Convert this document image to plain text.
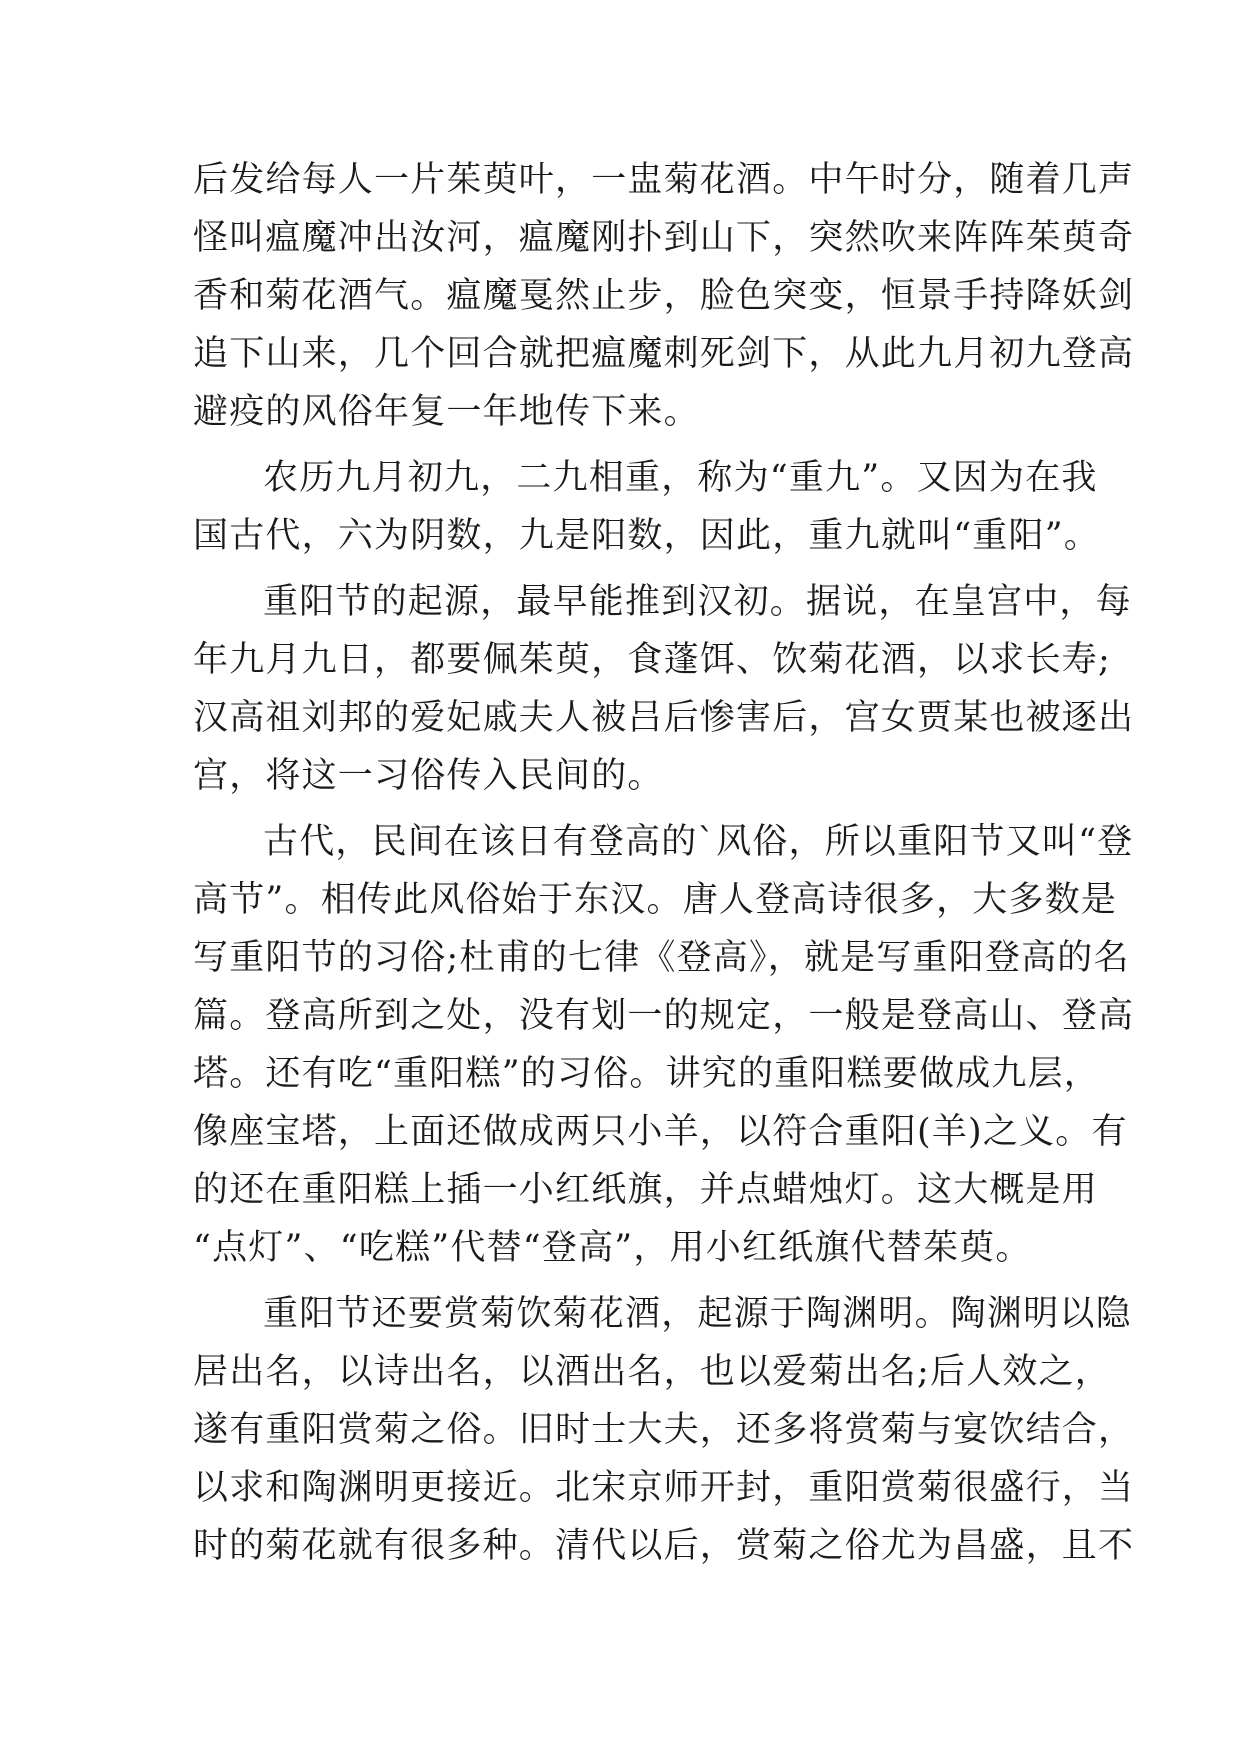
后发给每人一片茱萸叶，一盅菊花酒。中午时分，随着几声
怪叫瘟魔冲出汝河，瘟魔刚扑到山下，突然吹来阵阵茱萸奇
香和菊花酒气。瘟魔戛然止步，脸色突变，恒景手持降妖剑
追下山来，几个回合就把瘟魔刺死剑下，从此九月初九登高
避疫的风俗年复一年地传下来。
农历九月初九，二九相重，称为“重九”。又因为在我
国古代，六为阴数，九是阳数，因此，重九就叫“重阳”。
重阳节的起源，最早能推到汉初。据说，在皇宫中，每
年九月九日，都要佩茱萸，食蓬饵、饮菊花酒，以求长寿;
汉高祖刘邦的爱妃戚夫人被吕后惨害后，宫女贾某也被逐出
宫，将这一习俗传入民间的。
古代，民间在该日有登高的`风俗，所以重阳节又叫“登
高节”。相传此风俗始于东汉。唐人登高诗很多，大多数是
写重阳节的习俗;杜甫的七律《登高》，就是写重阳登高的名
篇。登高所到之处，没有划一的规定，一般是登高山、登高
塔。还有吃“重阳糕”的习俗。讲究的重阳糕要做成九层，
像座宝塔，上面还做成两只小羊，以符合重阳(羊)之义。有
的还在重阳糕上插一小红纸旗，并点蜡烛灯。这大概是用
“点灯”、“吃糕”代替“登高”，用小红纸旗代替茱萸。
重阳节还要赏菊饮菊花酒，起源于陶渊明。陶渊明以隐
居出名，以诗出名，以酒出名，也以爱菊出名;后人效之，
遂有重阳赏菊之俗。旧时士大夫，还多将赏菊与宴饮结合，
以求和陶渊明更接近。北宋京师开封，重阳赏菊很盛行，当
时的菊花就有很多种。清代以后，赏菊之俗尤为昌盛，且不
